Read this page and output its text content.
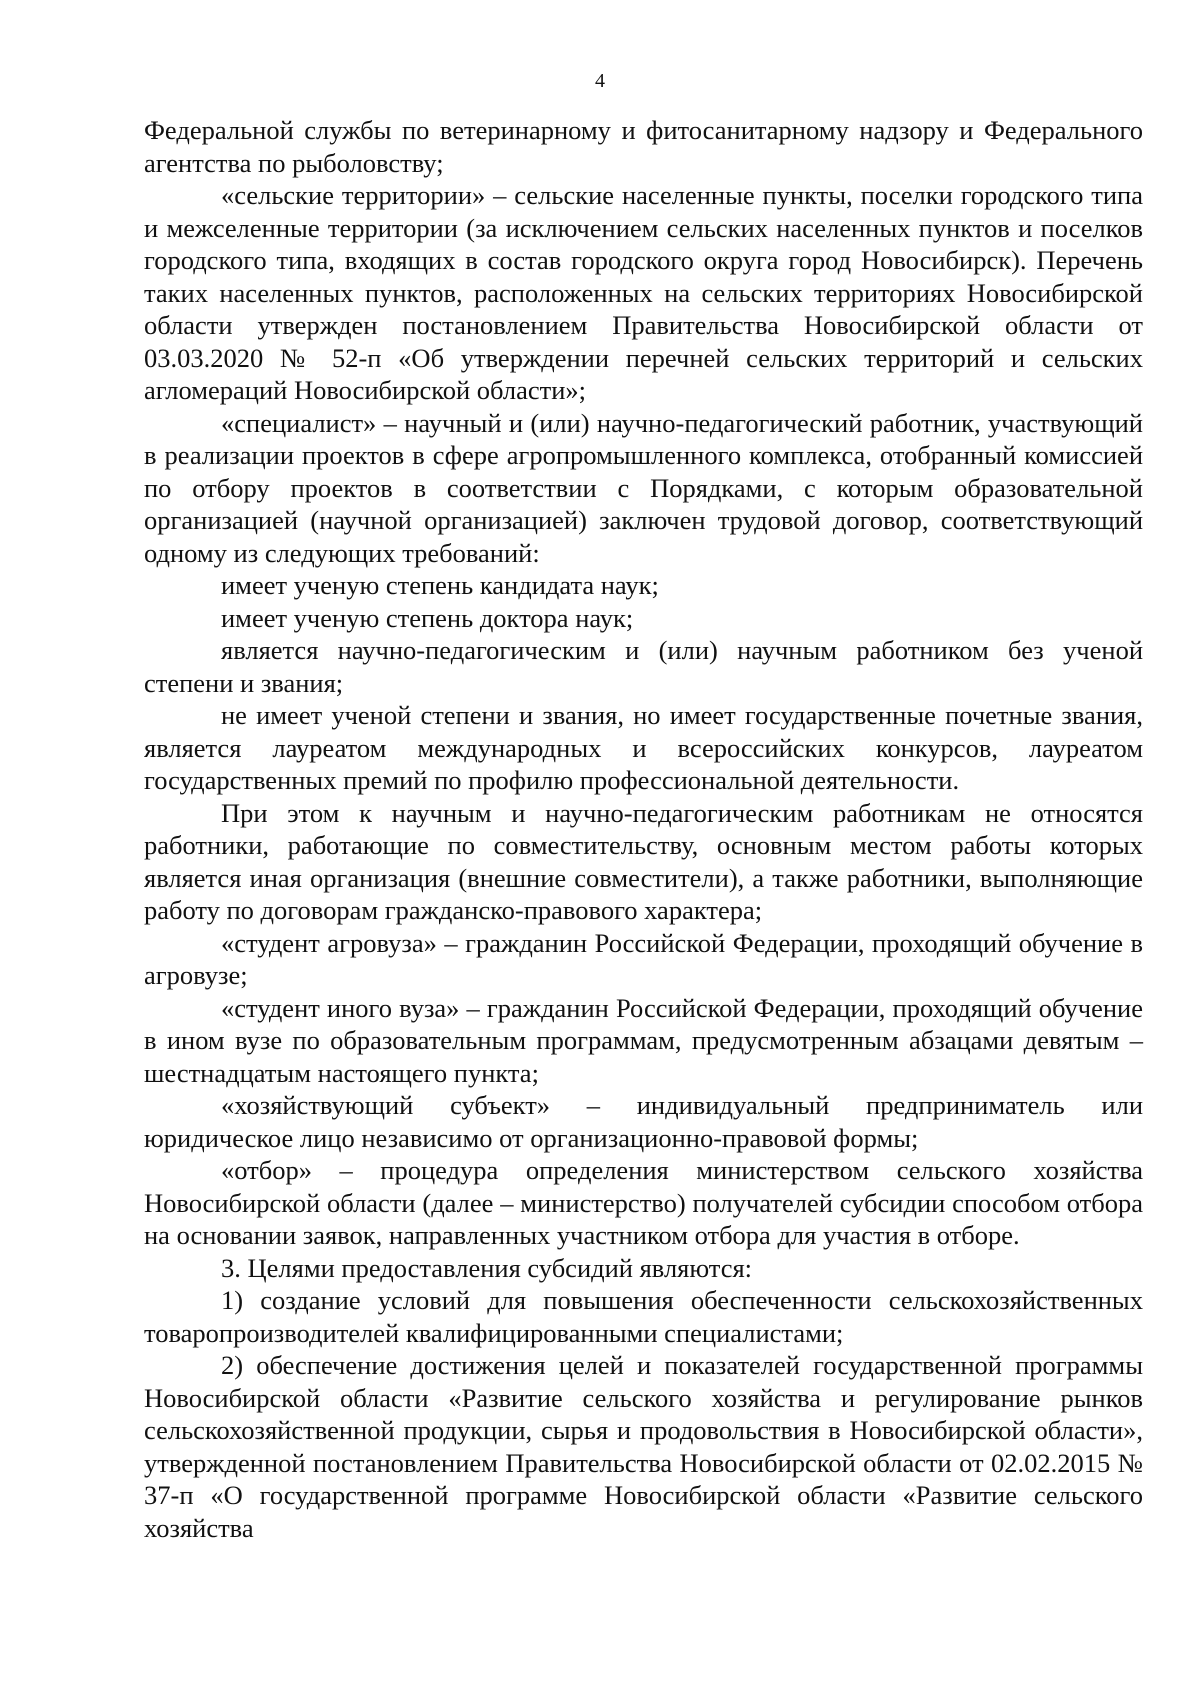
4

Федеральной службы по ветеринарному и фитосанитарному надзору и Федерального агентства по рыболовству;

«сельские территории» – сельские населенные пункты, поселки городского типа и межселенные территории (за исключением сельских населенных пунктов и поселков городского типа, входящих в состав городского округа город Новосибирск). Перечень таких населенных пунктов, расположенных на сельских территориях Новосибирской области утвержден постановлением Правительства Новосибирской области от 03.03.2020 № 52-п «Об утверждении перечней сельских территорий и сельских агломераций Новосибирской области»;

«специалист» – научный и (или) научно-педагогический работник, участвующий в реализации проектов в сфере агропромышленного комплекса, отобранный комиссией по отбору проектов в соответствии с Порядками, с которым образовательной организацией (научной организацией) заключен трудовой договор, соответствующий одному из следующих требований:

имеет ученую степень кандидата наук;

имеет ученую степень доктора наук;

является научно-педагогическим и (или) научным работником без ученой степени и звания;

не имеет ученой степени и звания, но имеет государственные почетные звания, является лауреатом международных и всероссийских конкурсов, лауреатом государственных премий по профилю профессиональной деятельности.

При этом к научным и научно-педагогическим работникам не относятся работники, работающие по совместительству, основным местом работы которых является иная организация (внешние совместители), а также работники, выполняющие работу по договорам гражданско-правового характера;

«студент агровуза» – гражданин Российской Федерации, проходящий обучение в агровузе;

«студент иного вуза» – гражданин Российской Федерации, проходящий обучение в ином вузе по образовательным программам, предусмотренным абзацами девятым – шестнадцатым настоящего пункта;

«хозяйствующий субъект» – индивидуальный предприниматель или юридическое лицо независимо от организационно-правовой формы;

«отбор» – процедура определения министерством сельского хозяйства Новосибирской области (далее – министерство) получателей субсидии способом отбора на основании заявок, направленных участником отбора для участия в отборе.

3. Целями предоставления субсидий являются:

1) создание условий для повышения обеспеченности сельскохозяйственных товаропроизводителей квалифицированными специалистами;

2) обеспечение достижения целей и показателей государственной программы Новосибирской области «Развитие сельского хозяйства и регулирование рынков сельскохозяйственной продукции, сырья и продовольствия в Новосибирской области», утвержденной постановлением Правительства Новосибирской области от 02.02.2015 № 37-п «О государственной программе Новосибирской области «Развитие сельского хозяйства
